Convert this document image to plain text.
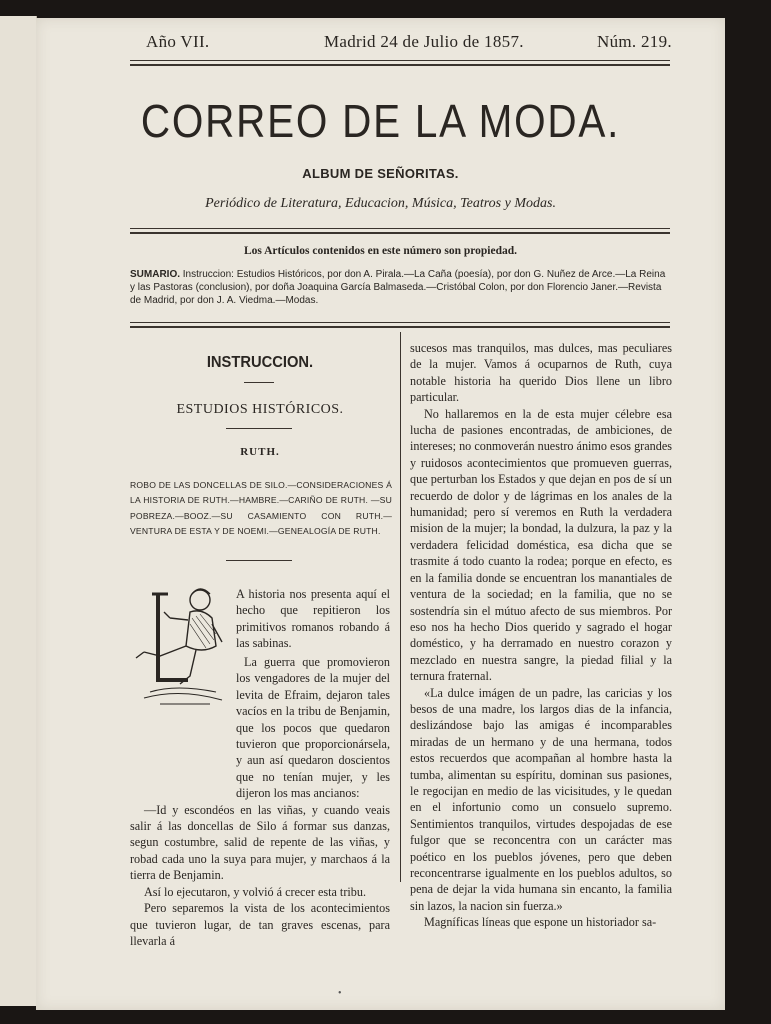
Año VII.	Madrid 24 de Julio de 1857.	Núm. 219.
CORREO DE LA MODA.
ALBUM DE SEÑORITAS.
Periódico de Literatura, Educacion, Música, Teatros y Modas.
Los Artículos contenidos en este número son propiedad.
SUMARIO. Instruccion: Estudios Históricos, por don A. Pirala.—La Caña (poesía), por don G. Nuñez de Arce.—La Reina y las Pastoras (conclusion), por doña Joaquina García Balmaseda.—Cristóbal Colon, por don Florencio Janer.—Revista de Madrid, por don J. A. Viedma.—Modas.
INSTRUCCION.
ESTUDIOS HISTÓRICOS.
RUTH.
ROBO DE LAS DONCELLAS DE SILO.—CONSIDERACIONES Á LA HISTORIA DE RUTH.—HAMBRE.—CARIÑO DE RUTH. —SU POBREZA.—BOOZ.—SU CASAMIENTO CON RUTH.— VENTURA DE ESTA Y DE NOEMI.—GENEALOGÍA DE RUTH.

A historia nos presenta aquí el hecho que repitieron los primitivos romanos robando á las sabinas.

La guerra que promovieron los vengadores de la mujer del levita de Efraim, dejaron tales vacíos en la tribu de Benjamin, que los pocos que quedaron tuvieron que proporcionársela, y aun así quedaron doscientos que no tenían mujer, y les dijeron los mas ancianos:

—Id y escondéos en las viñas, y cuando veais salir á las doncellas de Silo á formar sus danzas, segun costumbre, salid de repente de las viñas, y robad cada uno la suya para mujer, y marchaos á la tierra de Benjamin.

Así lo ejecutaron, y volvió á crecer esta tribu.

Pero separemos la vista de los acontecimientos que tuvieron lugar, de tan graves escenas, para llevarla á

sucesos mas tranquilos, mas dulces, mas peculiares de la mujer. Vamos á ocuparnos de Ruth, cuya notable historia ha querido Dios llene un libro particular.

No hallaremos en la de esta mujer célebre esa lucha de pasiones encontradas, de ambiciones, de intereses; no conmoverán nuestro ánimo esos grandes y ruidosos acontecimientos que promueven guerras, que perturban los Estados y que dejan en pos de sí un recuerdo de dolor y de lágrimas en los anales de la humanidad; pero sí veremos en Ruth la verdadera mision de la mujer; la bondad, la dulzura, la paz y la verdadera felicidad doméstica, esa dicha que se trasmite á todo cuanto la rodea; porque en efecto, es en la familia donde se encuentran los manantiales de ventura de la sociedad; en la familia, que no se sostendría sin el mútuo afecto de sus miembros. Por eso nos ha hecho Dios querido y sagrado el hogar doméstico, y ha derramado en nuestro corazon y mezclado en nuestra sangre, la piedad filial y la ternura fraternal.

«La dulce imágen de un padre, las caricias y los besos de una madre, los largos dias de la infancia, deslizándose bajo las amigas é incomparables miradas de un hermano y de una hermana, todos estos recuerdos que acompañan al hombre hasta la tumba, alimentan su espíritu, dominan sus pasiones, le regocijan en medio de las vicisitudes, y le quedan en el infortunio como un consuelo supremo. Sentimientos tranquilos, virtudes despojadas de ese fulgor que se reconcentra con un carácter mas poético en los pueblos jóvenes, pero que deben reconcentrarse igualmente en los pueblos adultos, so pena de dejar la vida humana sin encanto, la familia sin lazos, la nacion sin fuerza.»

Magníficas líneas que espone un historiador sa-

•
